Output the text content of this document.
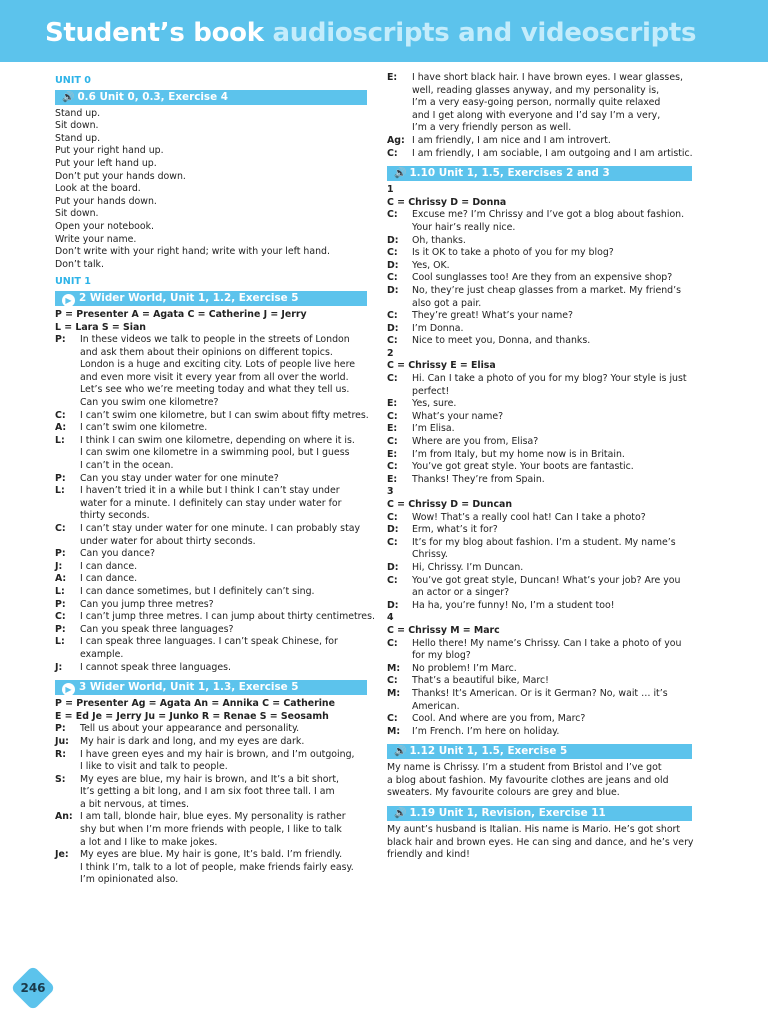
Student’s book audioscripts and videoscripts
UNIT 0
🔊 0.6 Unit 0, 0.3, Exercise 4
Stand up.
Sit down.
Stand up.
Put your right hand up.
Put your left hand up.
Don’t put your hands down.
Look at the board.
Put your hands down.
Sit down.
Open your notebook.
Write your name.
Don’t write with your right hand; write with your left hand.
Don’t talk.
UNIT 1
▶ 2 Wider World, Unit 1, 1.2, Exercise 5
P = Presenter A = Agata C = Catherine J = Jerry
L = Lara S = Sian
P:	In these videos we talk to people in the streets of London
and ask them about their opinions on different topics.
London is a huge and exciting city. Lots of people live here
and even more visit it every year from all over the world.
Let’s see who we’re meeting today and what they tell us.
Can you swim one kilometre?
C:	I can’t swim one kilometre, but I can swim about fifty metres.
A:	I can’t swim one kilometre.
L:	I think I can swim one kilometre, depending on where it is.
I can swim one kilometre in a swimming pool, but I guess
I can’t in the ocean.
P:	Can you stay under water for one minute?
L:	I haven’t tried it in a while but I think I can’t stay under
water for a minute. I definitely can stay under water for
thirty seconds.
C:	I can’t stay under water for one minute. I can probably stay
under water for about thirty seconds.
P:	Can you dance?
J:	I can dance.
A:	I can dance.
L:	I can dance sometimes, but I definitely can’t sing.
P:	Can you jump three metres?
C:	I can’t jump three metres. I can jump about thirty centimetres.
P:	Can you speak three languages?
L:	I can speak three languages. I can’t speak Chinese, for
example.
J:	I cannot speak three languages.
▶ 3 Wider World, Unit 1, 1.3, Exercise 5
P = Presenter Ag = Agata An = Annika C = Catherine
E = Ed Je = Jerry Ju = Junko R = Renae S = Seosamh
P:	Tell us about your appearance and personality.
Ju:	My hair is dark and long, and my eyes are dark.
R:	I have green eyes and my hair is brown, and I’m outgoing,
I like to visit and talk to people.
S:	My eyes are blue, my hair is brown, and It’s a bit short,
It’s getting a bit long, and I am six foot three tall. I am
a bit nervous, at times.
An: I am tall, blonde hair, blue eyes. My personality is rather
shy but when I’m more friends with people, I like to talk
a lot and I like to make jokes.
Je:	My eyes are blue. My hair is gone, It’s bald. I’m friendly.
I think I’m, talk to a lot of people, make friends fairly easy.
I’m opinionated also.
E:	I have short black hair. I have brown eyes. I wear glasses,
well, reading glasses anyway, and my personality is,
I’m a very easy-going person, normally quite relaxed
and I get along with everyone and I’d say I’m a very,
I’m a very friendly person as well.
Ag: I am friendly, I am nice and I am introvert.
C:	I am friendly, I am sociable, I am outgoing and I am artistic.
🔊 1.10 Unit 1, 1.5, Exercises 2 and 3
1
C = Chrissy D = Donna
C:	Excuse me? I’m Chrissy and I’ve got a blog about fashion.
Your hair’s really nice.
D:	Oh, thanks.
C:	Is it OK to take a photo of you for my blog?
D:	Yes, OK.
C:	Cool sunglasses too! Are they from an expensive shop?
D:	No, they’re just cheap glasses from a market. My friend’s
also got a pair.
C:	They’re great! What’s your name?
D:	I’m Donna.
C:	Nice to meet you, Donna, and thanks.
2
C = Chrissy E = Elisa
C:	Hi. Can I take a photo of you for my blog? Your style is just
perfect!
E:	Yes, sure.
C:	What’s your name?
E:	I’m Elisa.
C:	Where are you from, Elisa?
E:	I’m from Italy, but my home now is in Britain.
C:	You’ve got great style. Your boots are fantastic.
E:	Thanks! They’re from Spain.
3
C = Chrissy D = Duncan
C:	Wow! That’s a really cool hat! Can I take a photo?
D:	Erm, what’s it for?
C:	It’s for my blog about fashion. I’m a student. My name’s
Chrissy.
D:	Hi, Chrissy. I’m Duncan.
C:	You’ve got great style, Duncan! What’s your job? Are you
an actor or a singer?
D:	Ha ha, you’re funny! No, I’m a student too!
4
C = Chrissy M = Marc
C:	Hello there! My name’s Chrissy. Can I take a photo of you
for my blog?
M:	No problem! I’m Marc.
C:	That’s a beautiful bike, Marc!
M:	Thanks! It’s American. Or is it German? No, wait … it’s
American.
C:	Cool. And where are you from, Marc?
M:	I’m French. I’m here on holiday.
🔊 1.12 Unit 1, 1.5, Exercise 5
My name is Chrissy. I’m a student from Bristol and I’ve got
a blog about fashion. My favourite clothes are jeans and old
sweaters. My favourite colours are grey and blue.
🔊 1.19 Unit 1, Revision, Exercise 11
My aunt’s husband is Italian. His name is Mario. He’s got short
black hair and brown eyes. He can sing and dance, and he’s very
friendly and kind!
246
